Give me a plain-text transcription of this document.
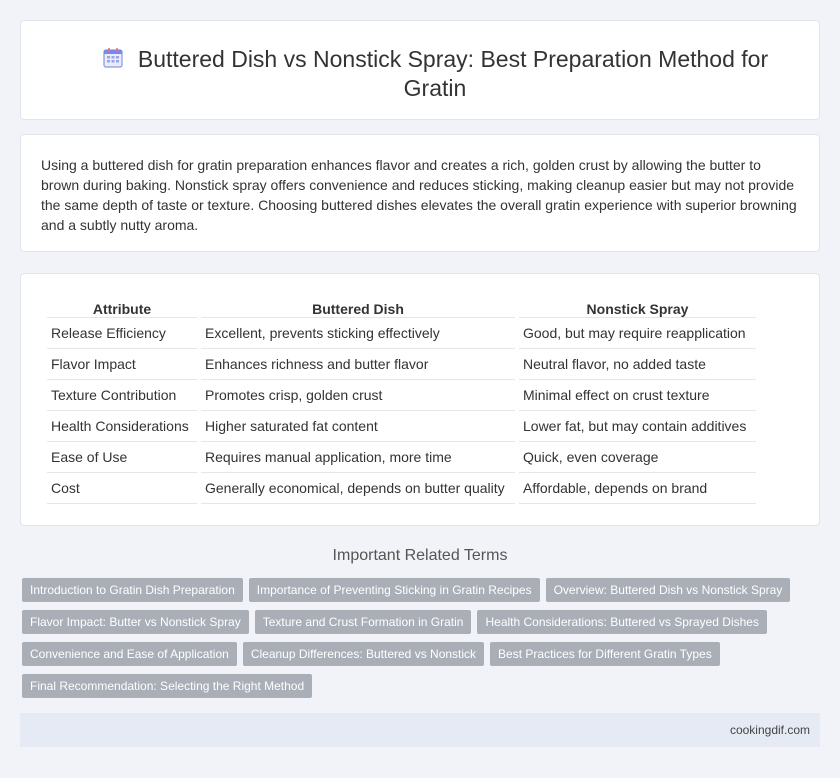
Buttered Dish vs Nonstick Spray: Best Preparation Method for Gratin

Using a buttered dish for gratin preparation enhances flavor and creates a rich, golden crust by allowing the butter to brown during baking. Nonstick spray offers convenience and reduces sticking, making cleanup easier but may not provide the same depth of taste or texture. Choosing buttered dishes elevates the overall gratin experience with superior browning and a subtly nutty aroma.

Attribute	Buttered Dish	Nonstick Spray
Release Efficiency	Excellent, prevents sticking effectively	Good, but may require reapplication
Flavor Impact	Enhances richness and butter flavor	Neutral flavor, no added taste
Texture Contribution	Promotes crisp, golden crust	Minimal effect on crust texture
Health Considerations	Higher saturated fat content	Lower fat, but may contain additives
Ease of Use	Requires manual application, more time	Quick, even coverage
Cost	Generally economical, depends on butter quality	Affordable, depends on brand
Important Related Terms
Introduction to Gratin Dish Preparation	Importance of Preventing Sticking in Gratin Recipes	Overview: Buttered Dish vs Nonstick Spray
Flavor Impact: Butter vs Nonstick Spray	Texture and Crust Formation in Gratin	Health Considerations: Buttered vs Sprayed Dishes
Convenience and Ease of Application	Cleanup Differences: Buttered vs Nonstick	Best Practices for Different Gratin Types
Final Recommendation: Selecting the Right Method
cookingdif.com
